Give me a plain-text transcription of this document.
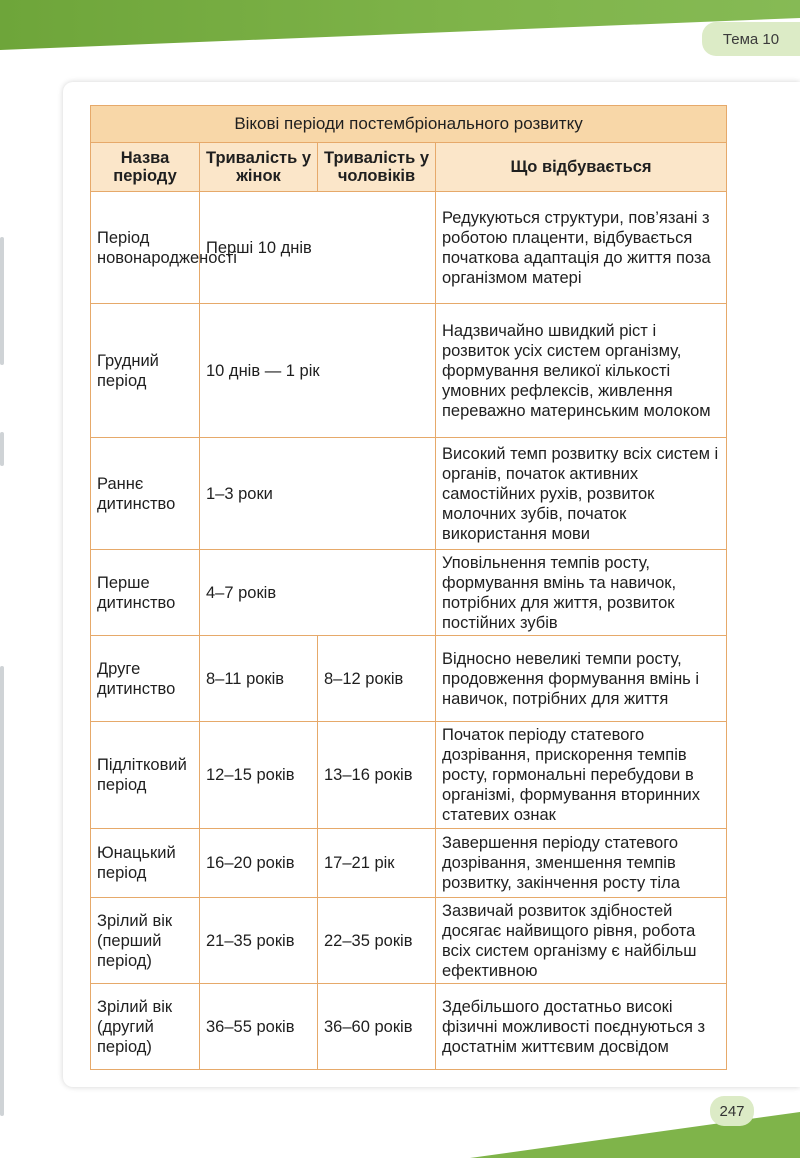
Тема 10
Вікові періоди постембріонального розвитку			
Назва періоду	Тривалість у жінок	Тривалість у чоловіків	Що відбувається
Період новонародженості	Перші 10 днів		Редукуються структури, пов’язані з роботою плаценти, відбувається початкова адаптація до життя поза організмом матері
Грудний період	10 днів — 1 рік		Надзвичайно швидкий ріст і розвиток усіх систем організму, формування великої кількості умовних рефлексів, живлення переважно материнським молоком
Раннє дитинство	1–3 роки		Високий темп розвитку всіх систем і органів, початок активних самостійних рухів, розвиток молочних зубів, початок використання мови
Перше дитинство	4–7 років		Уповільнення темпів росту, формування вмінь та навичок, потрібних для життя, розвиток постійних зубів
Друге дитинство	8–11 років	8–12 років	Відносно невеликі темпи росту, продовження формування вмінь і навичок, потрібних для життя
Підлітковий період	12–15 років	13–16 років	Початок періоду статевого дозрівання, прискорення темпів росту, гормональні перебудови в організмі, формування вторинних статевих ознак
Юнацький період	16–20 років	17–21 рік	Завершення періоду статевого дозрівання, зменшення темпів розвитку, закінчення росту тіла
Зрілий вік (перший період)	21–35 років	22–35 років	Зазвичай розвиток здібностей досягає найвищого рівня, робота всіх систем організму є найбільш ефективною
Зрілий вік (другий період)	36–55 років	36–60 років	Здебільшого достатньо високі фізичні можливості поєднуються з достатнім життєвим досвідом
247
